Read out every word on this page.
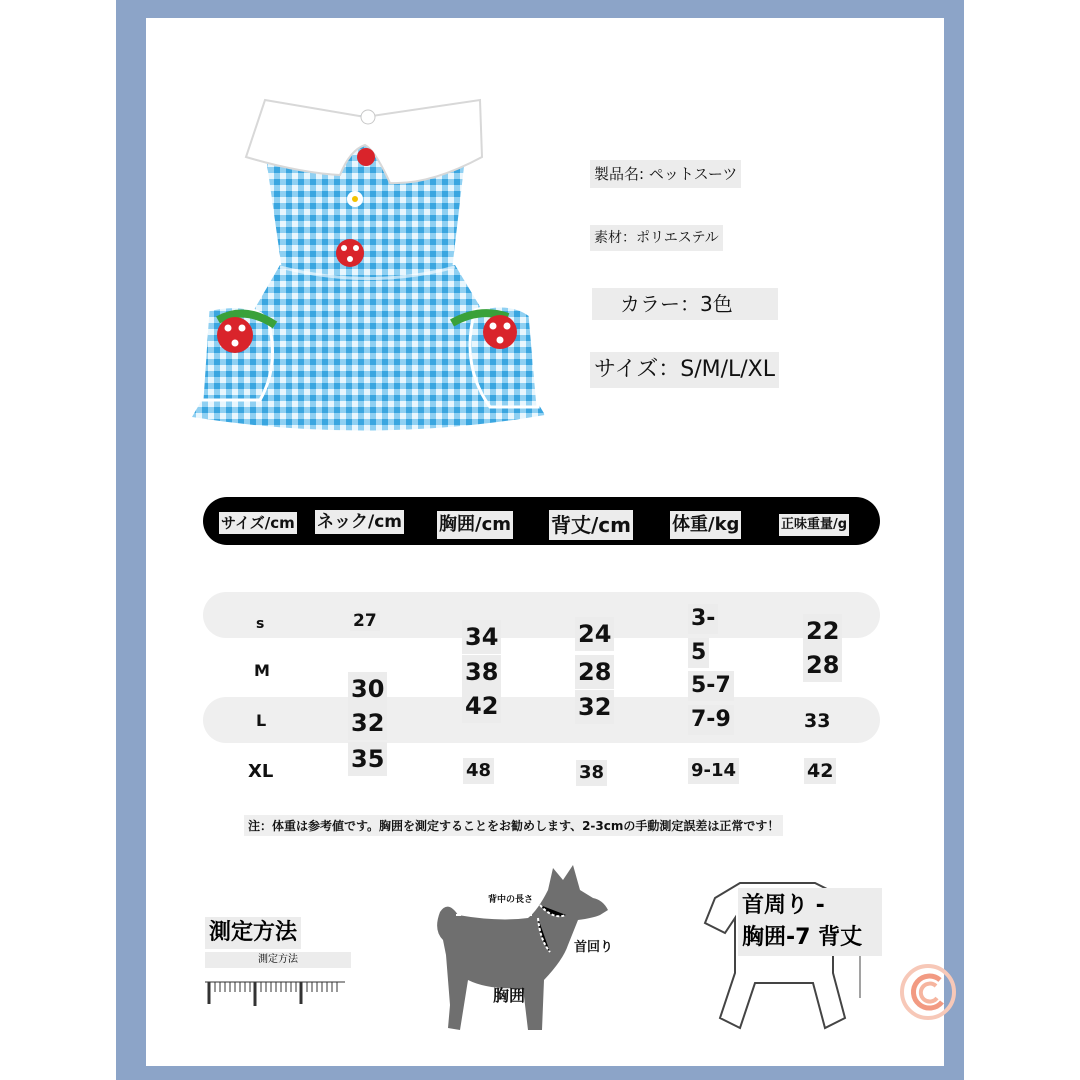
製品名: ペットスーツ
素材：ポリエステル
カラー：3色
サイズ：S/M/L/XL
サイズ/cm ネック/cm 胸囲/cm 背丈/cm 体重/kg	正味重量/g
s
M
L
XL
27
30
32
35
34
38
42
48
24
28
32
38
3-
5
5-7
7-9
9-14
22
28
33
42
注：体重は参考値です。胸囲を測定することをお勧めします、2-3cmの手動測定誤差は正常です！
測定方法
測定方法
背中の長さ
首回り
胸囲
首周り -
胸囲-7 背丈
